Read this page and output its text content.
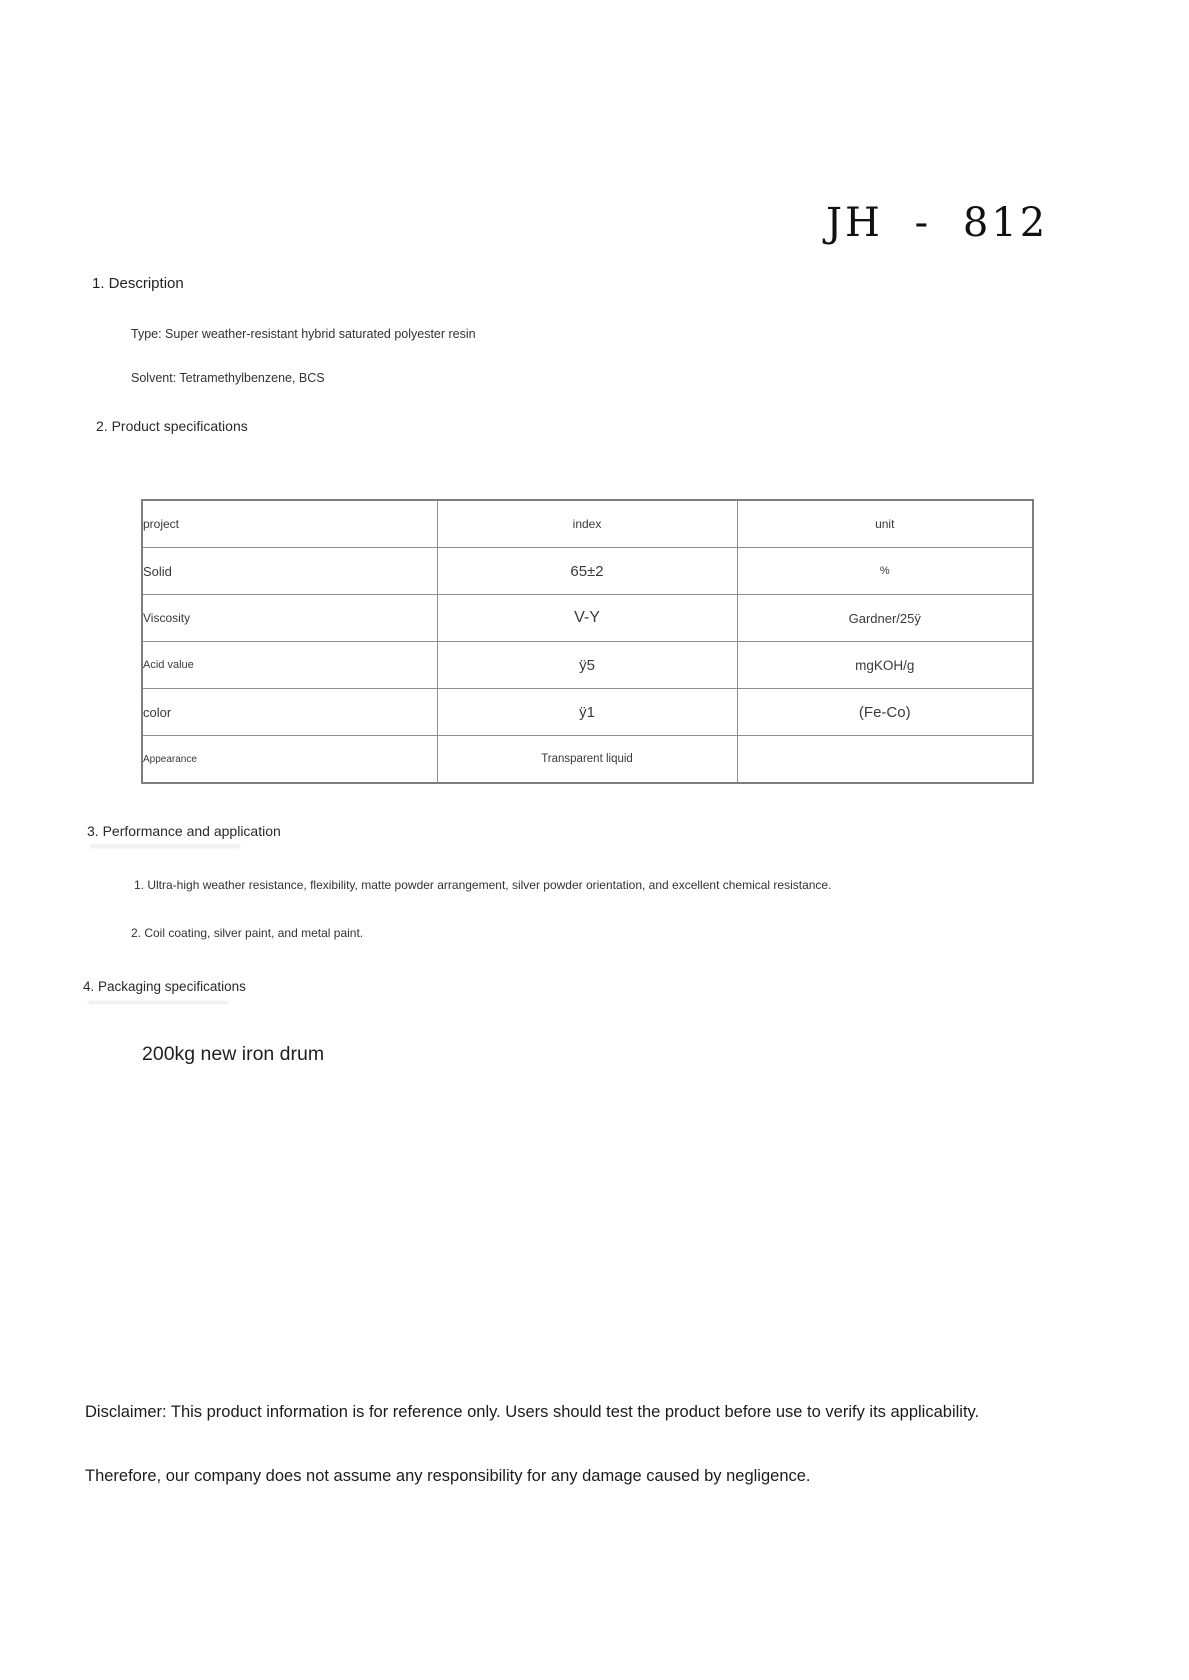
JH - 812
1. Description
Type: Super weather-resistant hybrid saturated polyester resin
Solvent: Tetramethylbenzene, BCS
2. Product specifications
project	index	unit
Solid	65±2	%
Viscosity	V-Y	Gardner/25ÿ
Acid value	ÿ5	mgKOH/g
color	ÿ1	(Fe-Co)
Appearance	Transparent liquid	
3. Performance and application
1. Ultra-high weather resistance, flexibility, matte powder arrangement, silver powder orientation, and excellent chemical resistance.
2. Coil coating, silver paint, and metal paint.
4. Packaging specifications
200kg new iron drum
Disclaimer: This product information is for reference only. Users should test the product before use to verify its applicability.
Therefore, our company does not assume any responsibility for any damage caused by negligence.
